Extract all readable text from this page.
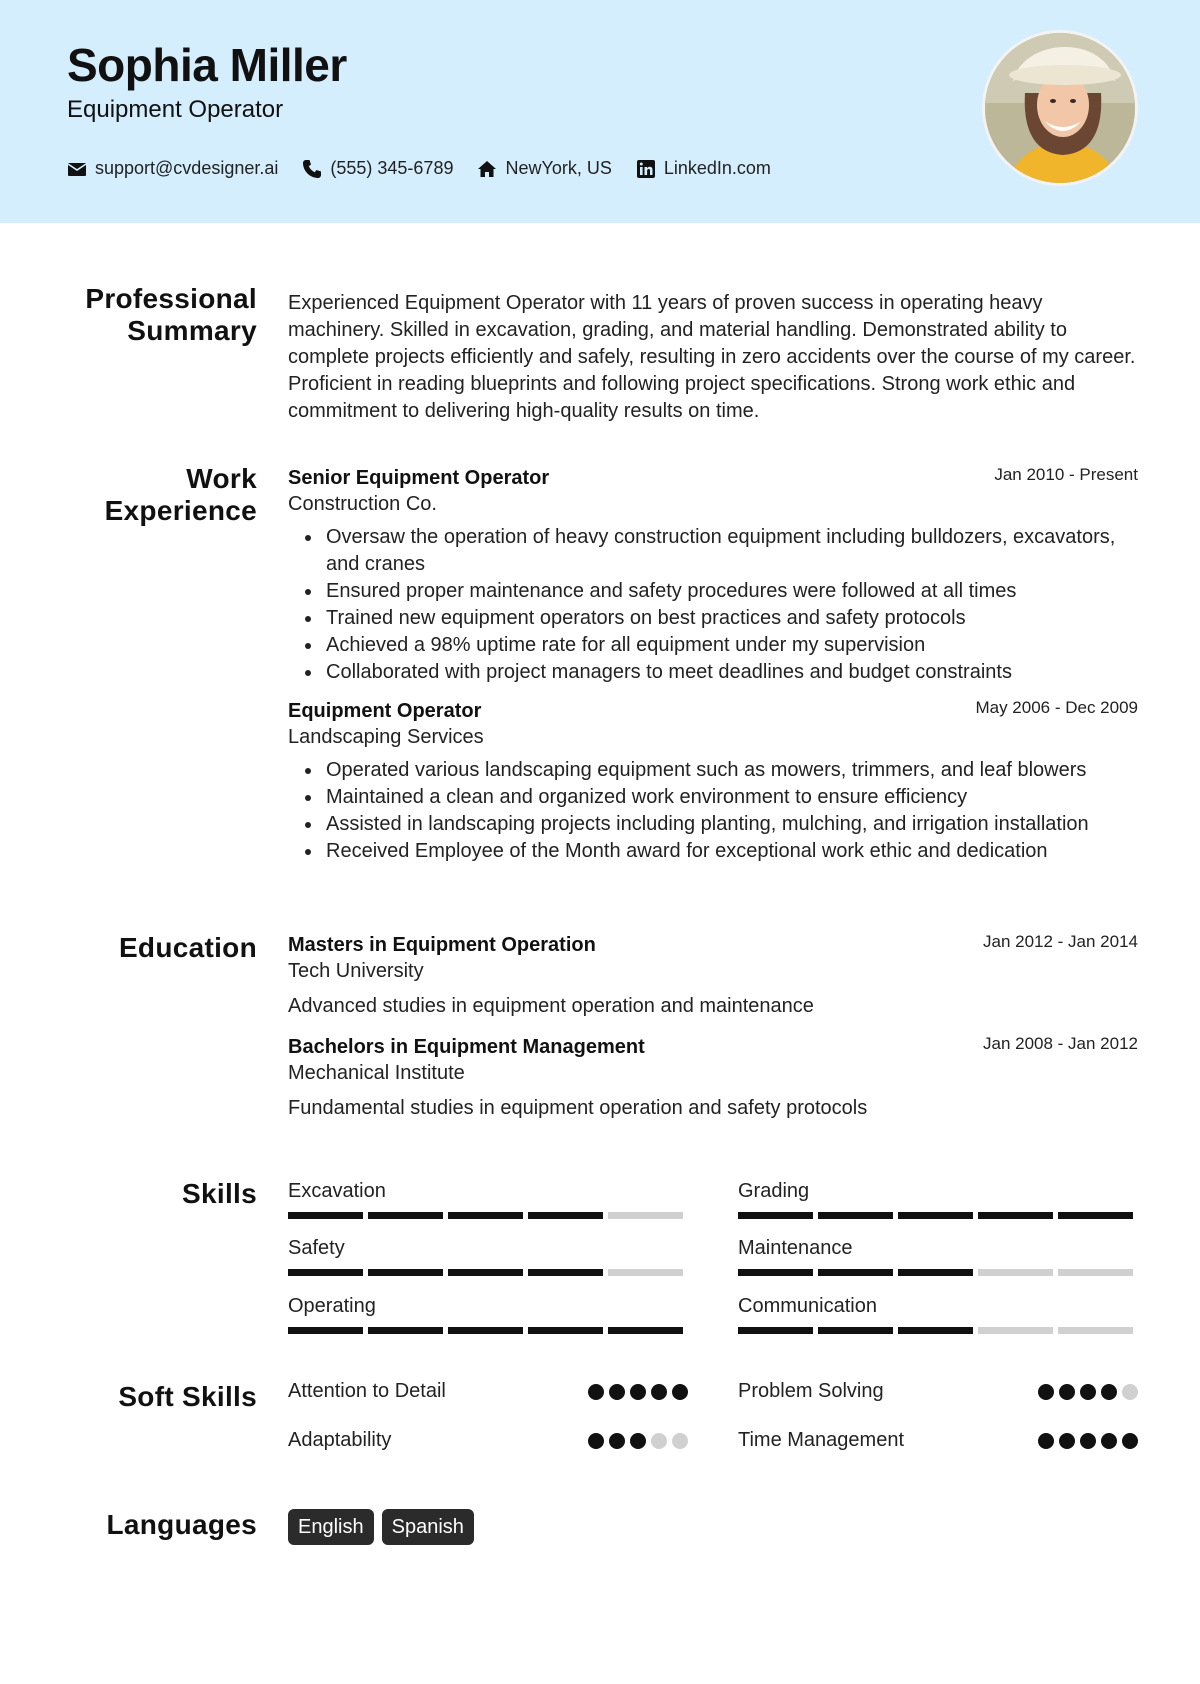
Sophia Miller
Equipment Operator
support@cvdesigner.ai	(555) 345-6789	NewYork, US	LinkedIn.com
Professional Summary

Experienced Equipment Operator with 11 years of proven success in operating heavy machinery. Skilled in excavation, grading, and material handling. Demonstrated ability to complete projects efficiently and safely, resulting in zero accidents over the course of my career. Proficient in reading blueprints and following project specifications. Strong work ethic and commitment to delivering high-quality results on time.

Work Experience
Senior Equipment Operator	Jan 2010 - Present
Construction Co.
Oversaw the operation of heavy construction equipment including bulldozers, excavators, and cranes
Ensured proper maintenance and safety procedures were followed at all times
Trained new equipment operators on best practices and safety protocols
Achieved a 98% uptime rate for all equipment under my supervision
Collaborated with project managers to meet deadlines and budget constraints
Equipment Operator	May 2006 - Dec 2009
Landscaping Services
Operated various landscaping equipment such as mowers, trimmers, and leaf blowers
Maintained a clean and organized work environment to ensure efficiency
Assisted in landscaping projects including planting, mulching, and irrigation installation
Received Employee of the Month award for exceptional work ethic and dedication
Education Masters in Equipment Operation	Jan 2012 - Jan 2014
Tech University
Advanced studies in equipment operation and maintenance
Bachelors in Equipment Management	Jan 2008 - Jan 2012
Mechanical Institute
Fundamental studies in equipment operation and safety protocols
Skills Excavation	Grading
Safety	Maintenance
Operating	Communication
Soft Skills Attention to Detail	Problem Solving
Adaptability	Time Management
Languages	English	Spanish
